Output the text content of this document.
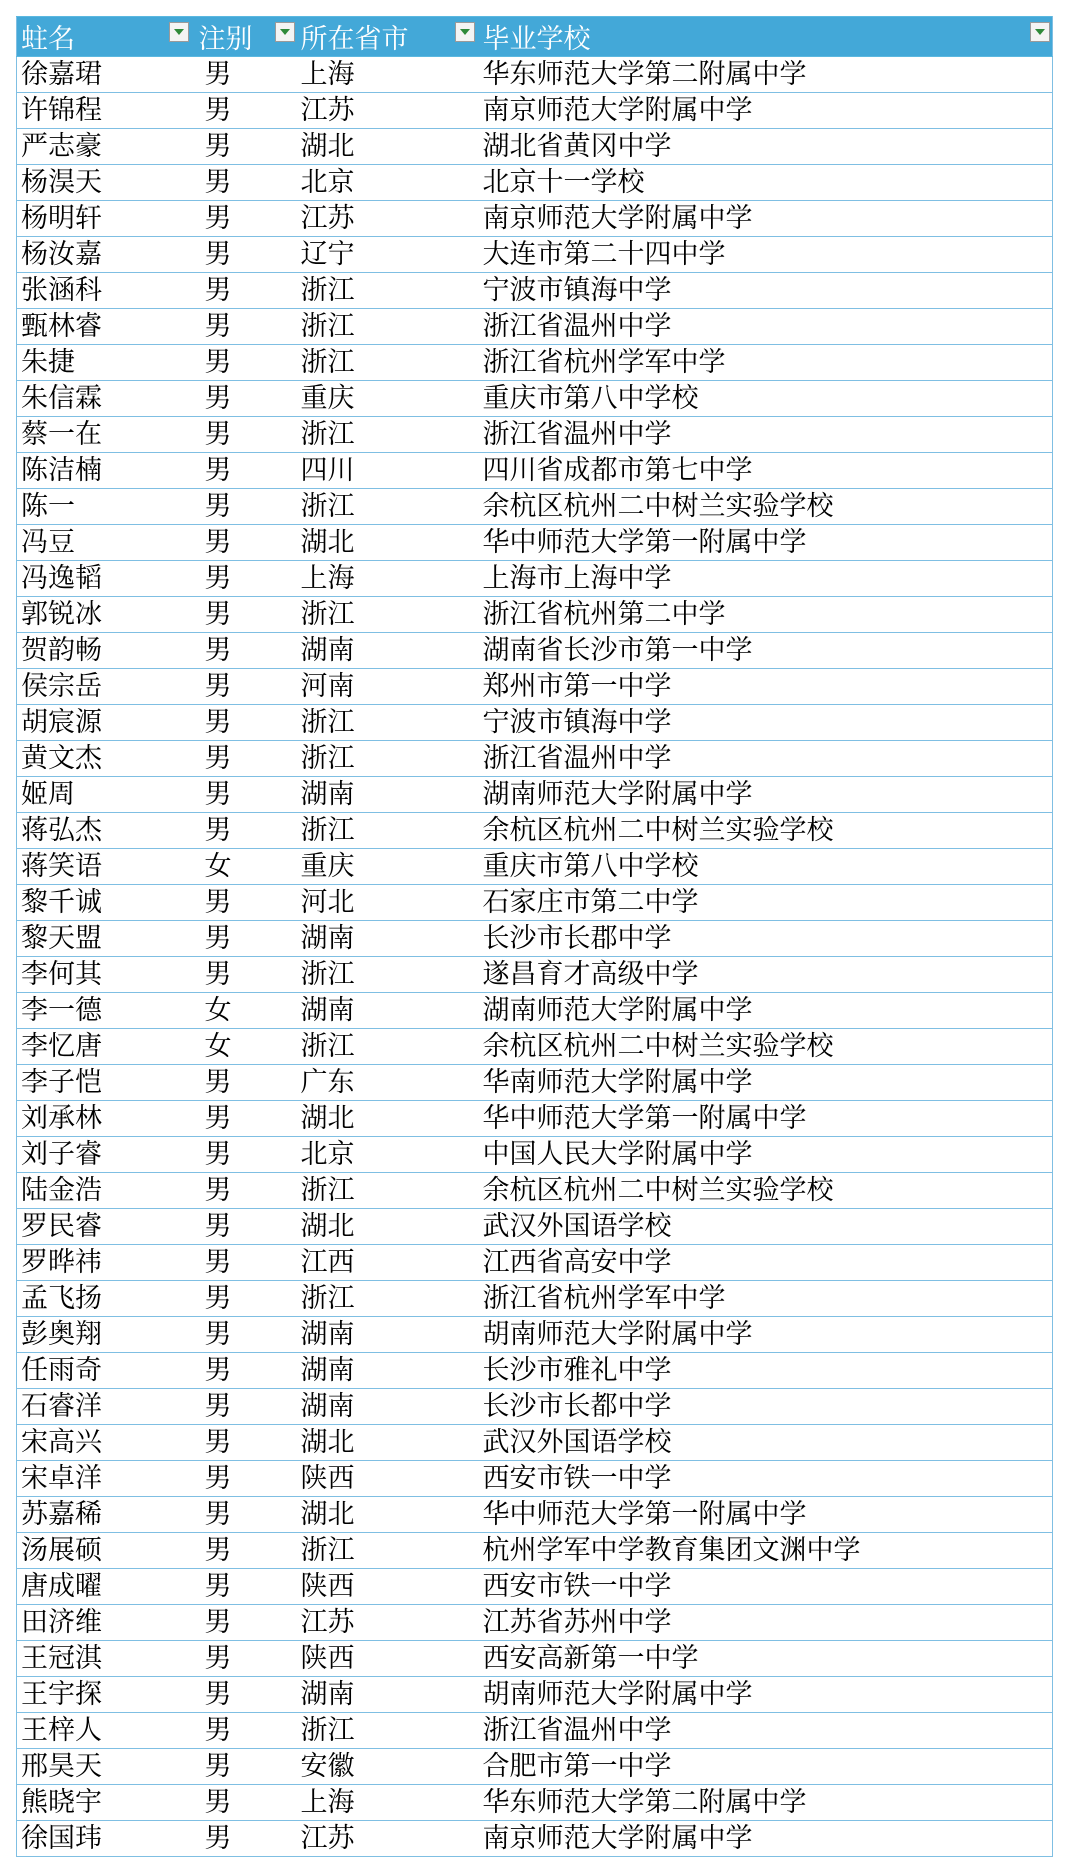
蛀名	注别	所在省市	毕业学校

徐嘉珺	男	上海	华东师范大学第二附属中学
许锦程	男	江苏	南京师范大学附属中学
严志豪	男	湖北	湖北省黄冈中学
杨淏天	男	北京	北京十一学校
杨明轩	男	江苏	南京师范大学附属中学
杨汝嘉	男	辽宁	大连市第二十四中学
张涵科	男	浙江	宁波市镇海中学
甄林睿	男	浙江	浙江省温州中学
朱捷	男	浙江	浙江省杭州学军中学
朱信霖	男	重庆	重庆市第八中学校
蔡一在	男	浙江	浙江省温州中学
陈洁楠	男	四川	四川省成都市第七中学
陈一	男	浙江	余杭区杭州二中树兰实验学校
冯豆	男	湖北	华中师范大学第一附属中学
冯逸韬	男	上海	上海市上海中学
郭锐冰	男	浙江	浙江省杭州第二中学
贺韵畅	男	湖南	湖南省长沙市第一中学
侯宗岳	男	河南	郑州市第一中学
胡宸源	男	浙江	宁波市镇海中学
黄文杰	男	浙江	浙江省温州中学
姬周	男	湖南	湖南师范大学附属中学
蒋弘杰	男	浙江	余杭区杭州二中树兰实验学校
蒋笑语	女	重庆	重庆市第八中学校
黎千诚	男	河北	石家庄市第二中学
黎天盟	男	湖南	长沙市长郡中学
李何其	男	浙江	遂昌育才高级中学
李一德	女	湖南	湖南师范大学附属中学
李忆唐	女	浙江	余杭区杭州二中树兰实验学校
李子恺	男	广东	华南师范大学附属中学
刘承林	男	湖北	华中师范大学第一附属中学
刘子睿	男	北京	中国人民大学附属中学
陆金浩	男	浙江	余杭区杭州二中树兰实验学校
罗民睿	男	湖北	武汉外国语学校
罗晔祎	男	江西	江西省高安中学
孟飞扬	男	浙江	浙江省杭州学军中学
彭奥翔	男	湖南	胡南师范大学附属中学
任雨奇	男	湖南	长沙市雅礼中学
石睿洋	男	湖南	长沙市长都中学
宋高兴	男	湖北	武汉外国语学校
宋卓洋	男	陕西	西安市铁一中学
苏嘉稀	男	湖北	华中师范大学第一附属中学
汤展硕	男	浙江	杭州学军中学教育集团文渊中学
唐成曜	男	陕西	西安市铁一中学
田济维	男	江苏	江苏省苏州中学
王冠淇	男	陕西	西安高新第一中学
王宇探	男	湖南	胡南师范大学附属中学
王梓人	男	浙江	浙江省温州中学
邢昊天	男	安徽	合肥市第一中学
熊晓宇	男	上海	华东师范大学第二附属中学
徐国玮	男	江苏	南京师范大学附属中学
